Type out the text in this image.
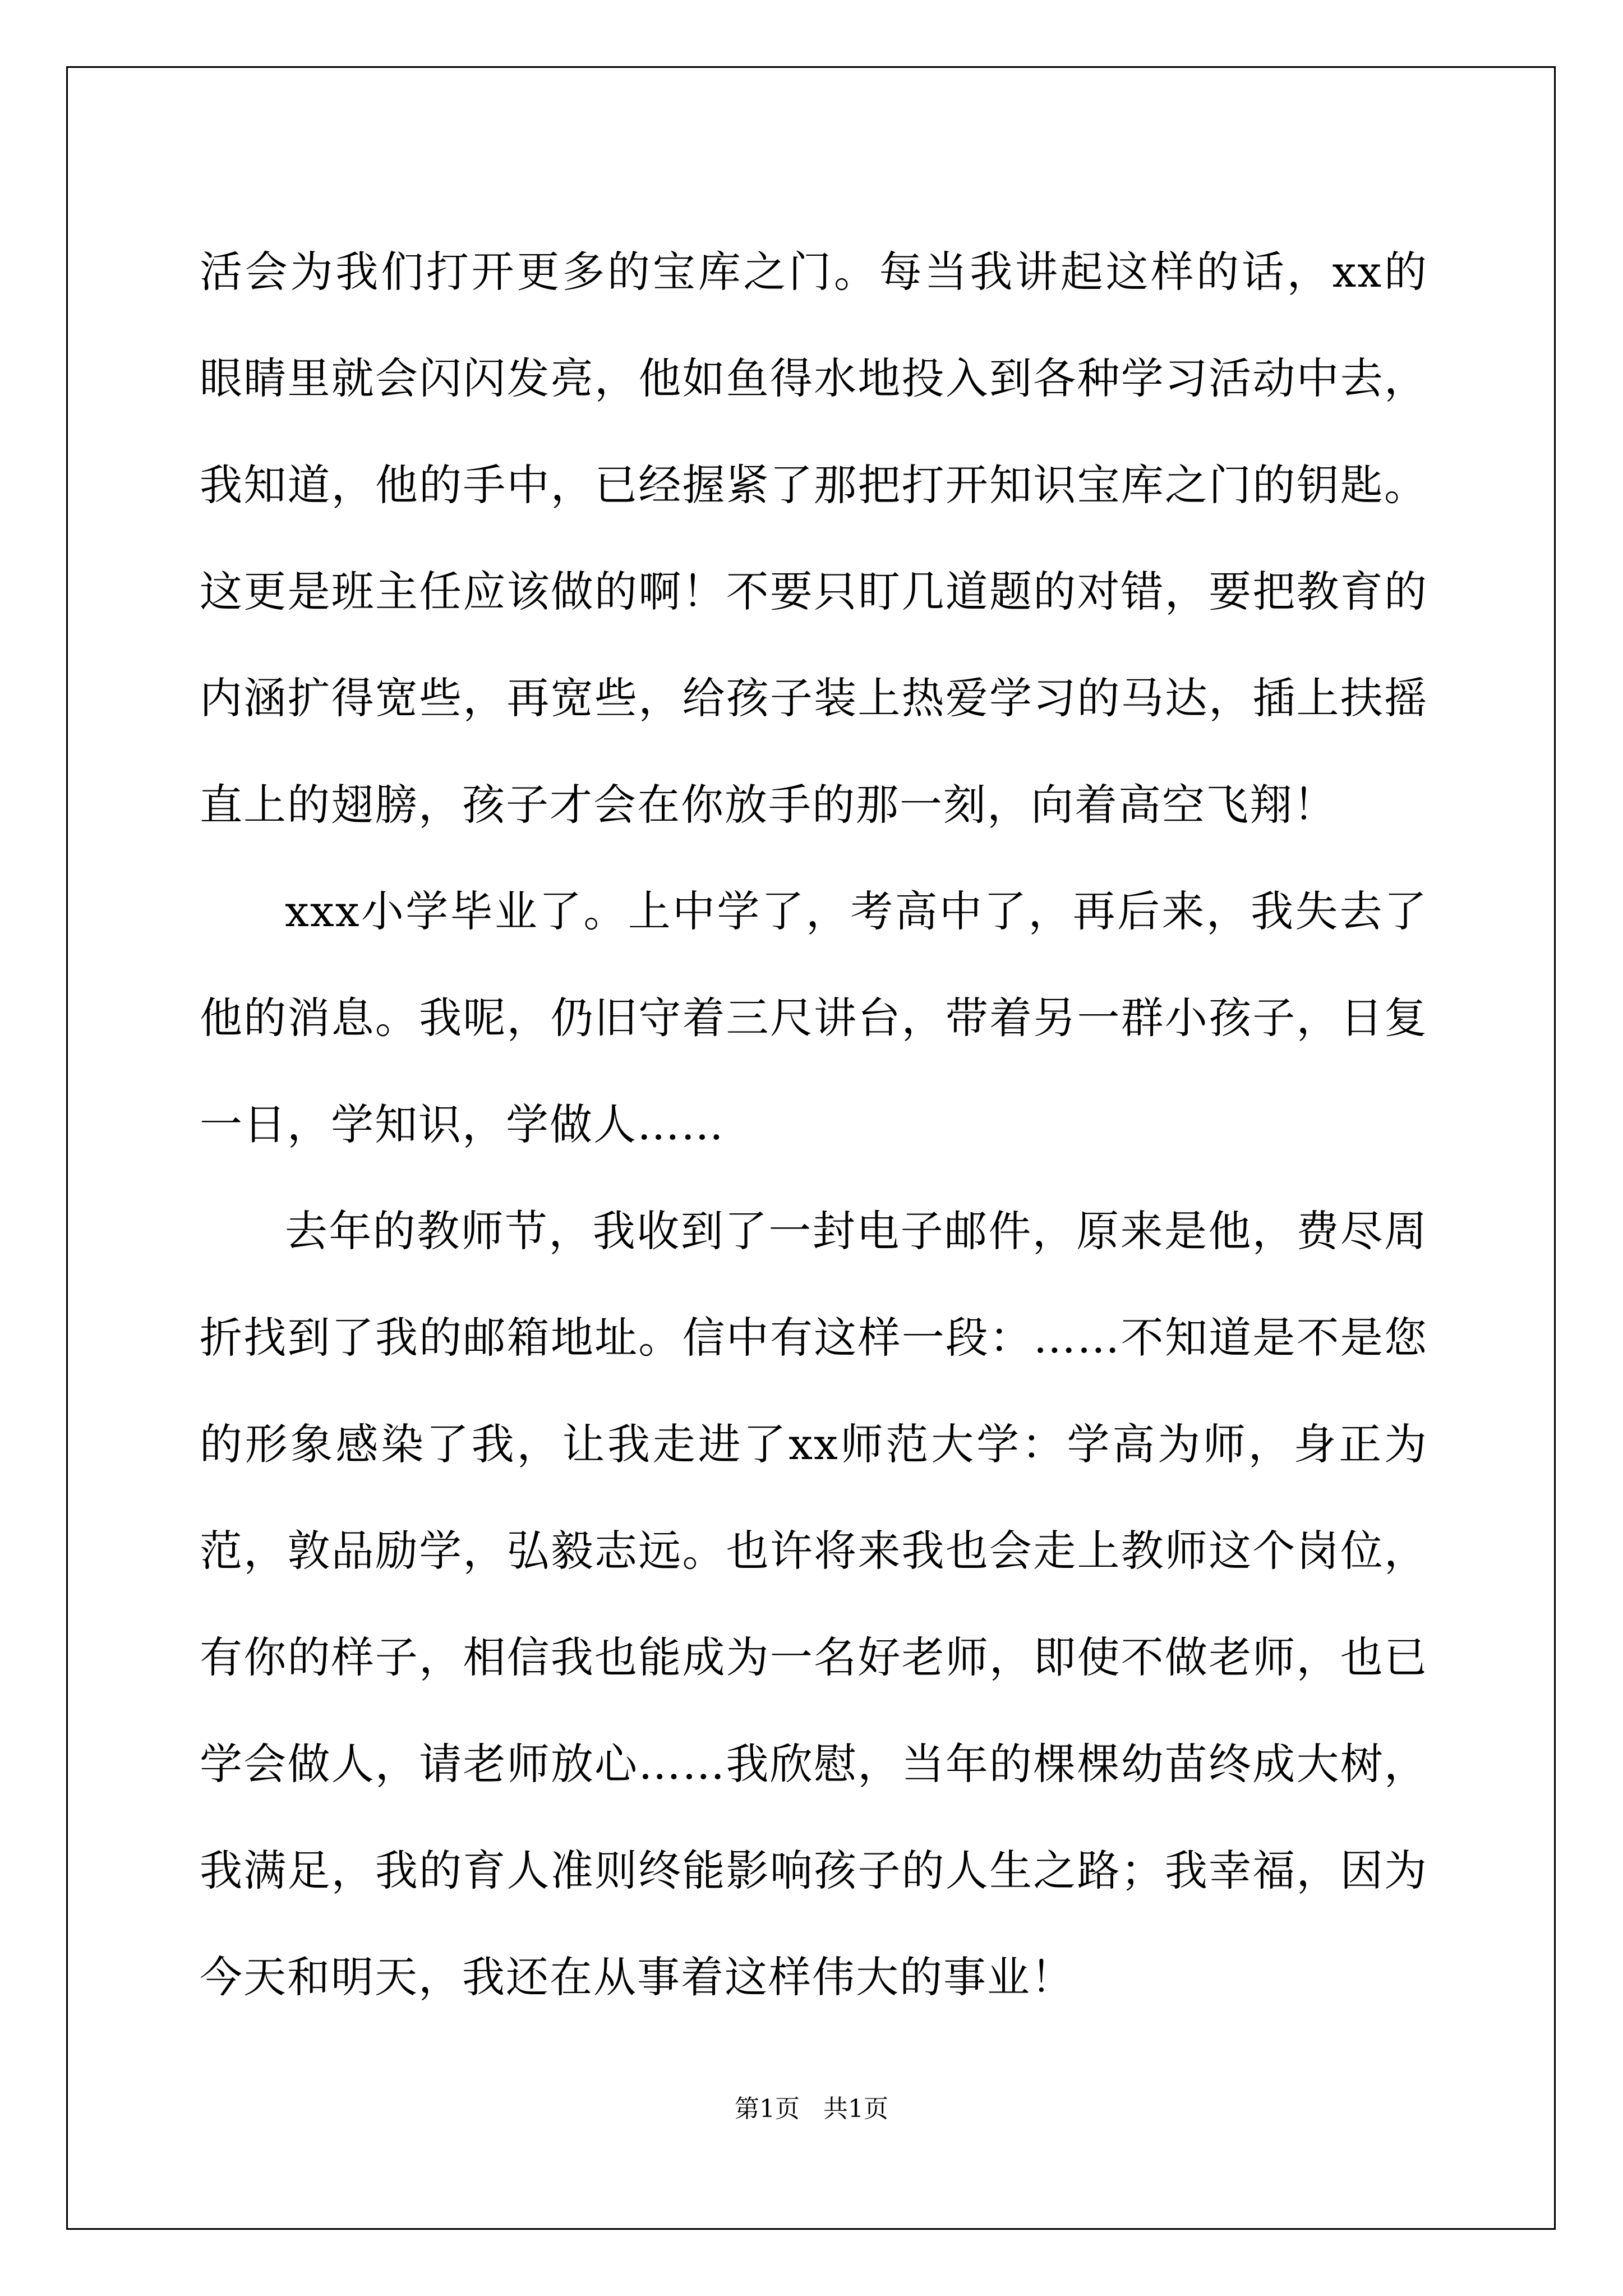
活会为我们打开更多的宝库之门。每当我讲起这样的话，xx的眼睛里就会闪闪发亮，他如鱼得水地投入到各种学习活动中去，我知道，他的手中，已经握紧了那把打开知识宝库之门的钥匙。这更是班主任应该做的啊！不要只盯几道题的对错，要把教育的内涵扩得宽些，再宽些，给孩子装上热爱学习的马达，插上扶摇直上的翅膀，孩子才会在你放手的那一刻，向着高空飞翔！

xxx小学毕业了。上中学了，考高中了，再后来，我失去了他的消息。我呢，仍旧守着三尺讲台，带着另一群小孩子，日复一日，学知识，学做人……

去年的教师节，我收到了一封电子邮件，原来是他，费尽周折找到了我的邮箱地址。信中有这样一段：……不知道是不是您的形象感染了我，让我走进了xx师范大学：学高为师，身正为范，敦品励学，弘毅志远。也许将来我也会走上教师这个岗位，有你的样子，相信我也能成为一名好老师，即使不做老师，也已学会做人，请老师放心……我欣慰，当年的棵棵幼苗终成大树，我满足，我的育人准则终能影响孩子的人生之路；我幸福，因为今天和明天，我还在从事着这样伟大的事业！

第1页 共1页
